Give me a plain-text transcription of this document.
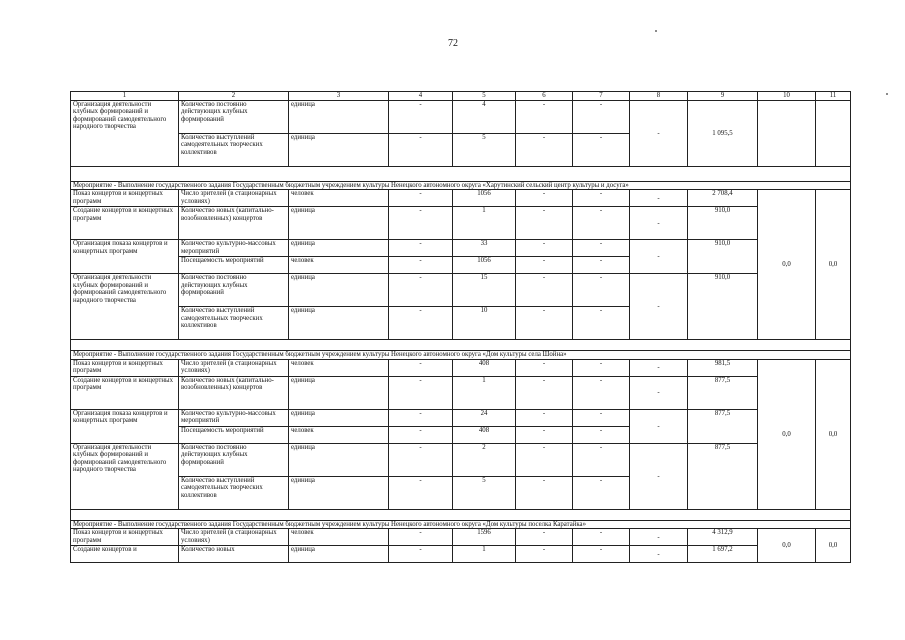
72
1	2	3	4	5	6	7	8	9	10	11
Организация деятельности клубных формирований и формирований самодеятельного народного творчества	Количество постоянно действующих клубных формирований	единица	-	4	-	-	-	1 095,5		
	Количество выступлений самодеятельных творческих коллективов	единица	-	5	-	-				

Мероприятие - Выполнение государственного задания Государственным бюджетным учреждением культуры Ненецкого автономного округа «Харутинский сельский центр культуры и досуга»										
Показ концертов и концертных программ	Число зрителей (в стационарных условиях)	человек	-	1056	-	-	-	2 708,4	0,0	0,0
Создание концертов и концертных программ	Количество новых (капитально-возобновленных) концертов	единица	-	1	-	-	-	910,0		
Организация показа концертов и концертных программ	Количество культурно-массовых мероприятий	единица	-	33	-	-	-	910,0		
	Посещаемость мероприятий	человек	-	1056	-	-				
Организация деятельности клубных формирований и формирований самодеятельного народного творчества	Количество постоянно действующих клубных формирований	единица	-	15	-	-	-	910,0		
	Количество выступлений самодеятельных творческих коллективов	единица	-	10	-	-				

Мероприятие - Выполнение государственного задания Государственным бюджетным учреждением культуры Ненецкого автономного округа «Дом культуры села Шойна»										
Показ концертов и концертных программ	Число зрителей (в стационарных условиях)	человек	-	408	-	-	-	981,5	0,0	0,0
Создание концертов и концертных программ	Количество новых (капитально-возобновленных) концертов	единица	-	1	-	-	-	877,5		
Организация показа концертов и концертных программ	Количество культурно-массовых мероприятий	единица	-	24	-	-	-	877,5		
	Посещаемость мероприятий	человек	-	408	-	-				
Организация деятельности клубных формирований и формирований самодеятельного народного творчества	Количество постоянно действующих клубных формирований	единица	-	2	-	-	-	877,5		
	Количество выступлений самодеятельных творческих коллективов	единица	-	5	-	-				

Мероприятие - Выполнение государственного задания Государственным бюджетным учреждением культуры Ненецкого автономного округа «Дом культуры поселка Каратайка»										
Показ концертов и концертных программ	Число зрителей (в стационарных условиях)	человек	-	1596	-	-	-	4 312,9	0,0	0,0
Создание концертов и	Количество новых	единица	-	1	-	-	-	1 697,2		
